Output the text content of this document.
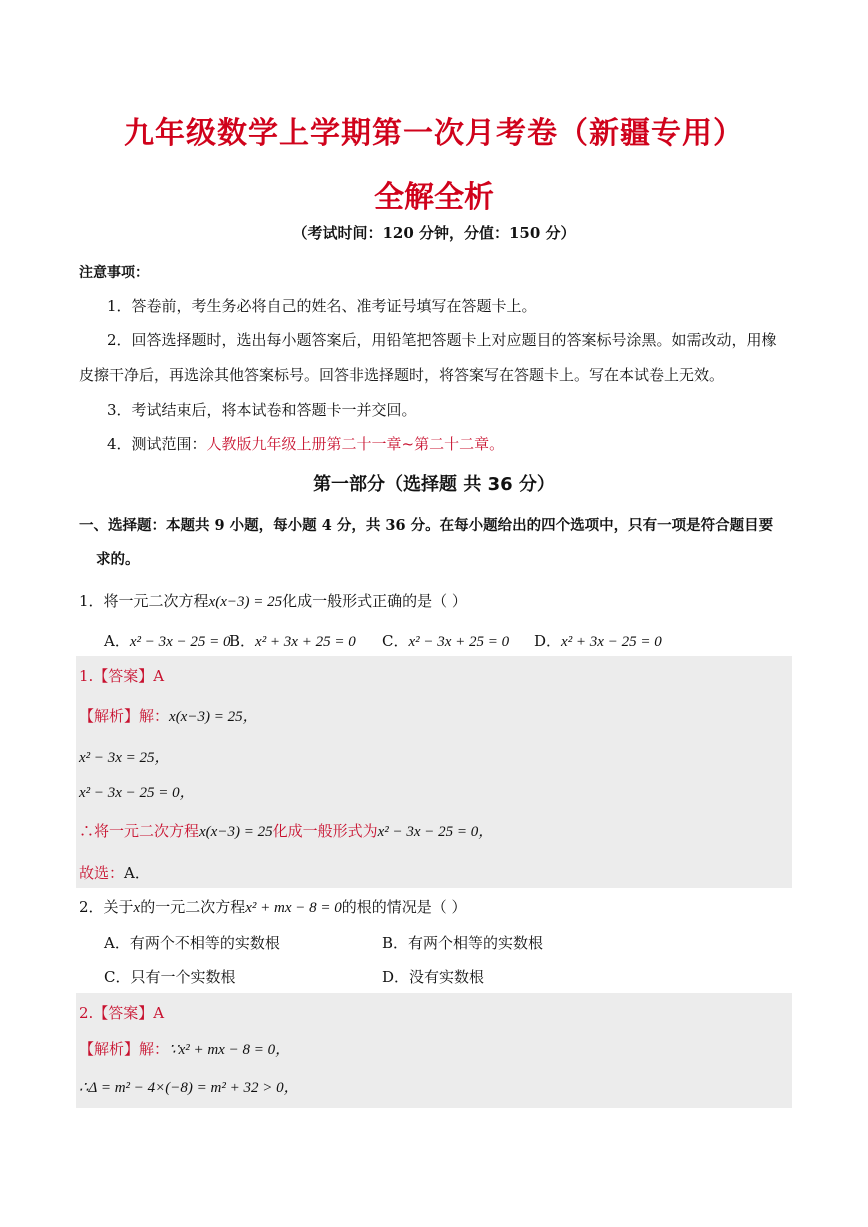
九年级数学上学期第一次月考卷（新疆专用）
全解全析
（考试时间：120 分钟，分值：150 分）
注意事项：
1．答卷前，考生务必将自己的姓名、准考证号填写在答题卡上。
2．回答选择题时，选出每小题答案后，用铅笔把答题卡上对应题目的答案标号涂黑。如需改动，用橡
皮擦干净后，再选涂其他答案标号。回答非选择题时，将答案写在答题卡上。写在本试卷上无效。
3．考试结束后，将本试卷和答题卡一并交回。
4．测试范围：人教版九年级上册第二十一章~第二十二章。
第一部分（选择题 共 36 分）
一、选择题：本题共 9 小题，每小题 4 分，共 36 分。在每小题给出的四个选项中，只有一项是符合题目要
求的。
1．将一元二次方程x(x−3) = 25化成一般形式正确的是（ ）
A．x² − 3x − 25 = 0
B．x² + 3x + 25 = 0 C．x² − 3x + 25 = 0 D．x² + 3x − 25 = 0
1.【答案】A
【解析】解：x(x−3) = 25，
x² − 3x = 25，
x² − 3x − 25 = 0，
∴将一元二次方程x(x−3) = 25化成一般形式为x² − 3x − 25 = 0，
故选：A．
2．关于x的一元二次方程x² + mx − 8 = 0的根的情况是（ ）
A．有两个不相等的实数根	B．有两个相等的实数根
C．只有一个实数根	D．没有实数根
2.【答案】A
【解析】解：∵x² + mx − 8 = 0，
∴Δ = m² − 4×(−8) = m² + 32 > 0，
